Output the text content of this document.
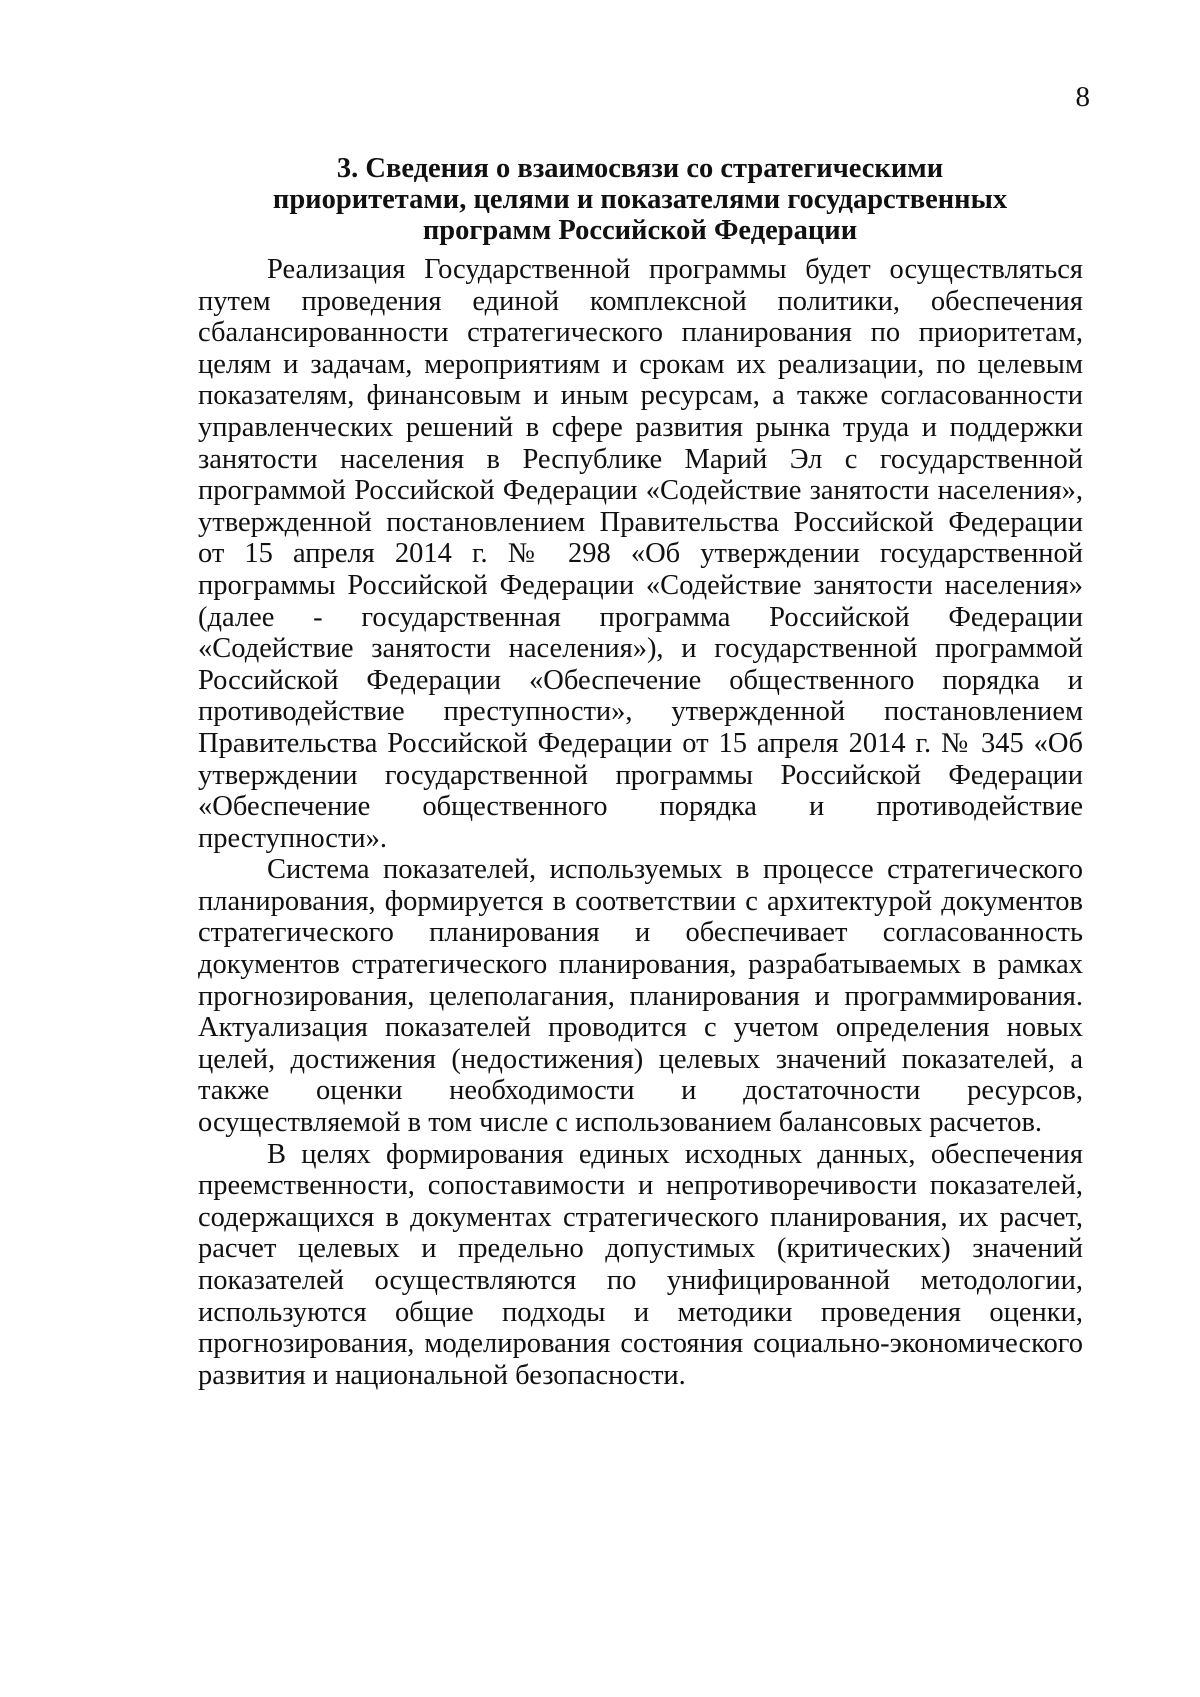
8
3. Сведения о взаимосвязи со стратегическими
приоритетами, целями и показателями государственных
программ Российской Федерации

Реализация Государственной программы будет осуществляться путем проведения единой комплексной политики, обеспечения сбалансированности стратегического планирования по приоритетам, целям и задачам, мероприятиям и срокам их реализации, по целевым показателям, финансовым и иным ресурсам, а также согласованности управленческих решений в сфере развития рынка труда и поддержки занятости населения в Республике Марий Эл с государственной программой Российской Федерации «Содействие занятости населения», утвержденной постановлением Правительства Российской Федерации от 15 апреля 2014 г. № 298 «Об утверждении государственной программы Российской Федерации «Содействие занятости населения» (далее - государственная программа Российской Федерации «Содействие занятости населения»), и государственной программой Российской Федерации «Обеспечение общественного порядка и противодействие преступности», утвержденной постановлением Правительства Российской Федерации от 15 апреля 2014 г. № 345 «Об утверждении государственной программы Российской Федерации «Обеспечение общественного порядка и противодействие преступности».

Система показателей, используемых в процессе стратегического планирования, формируется в соответствии с архитектурой документов стратегического планирования и обеспечивает согласованность документов стратегического планирования, разрабатываемых в рамках прогнозирования, целеполагания, планирования и программирования. Актуализация показателей проводится с учетом определения новых целей, достижения (недостижения) целевых значений показателей, а также оценки необходимости и достаточности ресурсов, осуществляемой в том числе с использованием балансовых расчетов.

В целях формирования единых исходных данных, обеспечения преемственности, сопоставимости и непротиворечивости показателей, содержащихся в документах стратегического планирования, их расчет, расчет целевых и предельно допустимых (критических) значений показателей осуществляются по унифицированной методологии, используются общие подходы и методики проведения оценки, прогнозирования, моделирования состояния социально-экономического развития и национальной безопасности.
